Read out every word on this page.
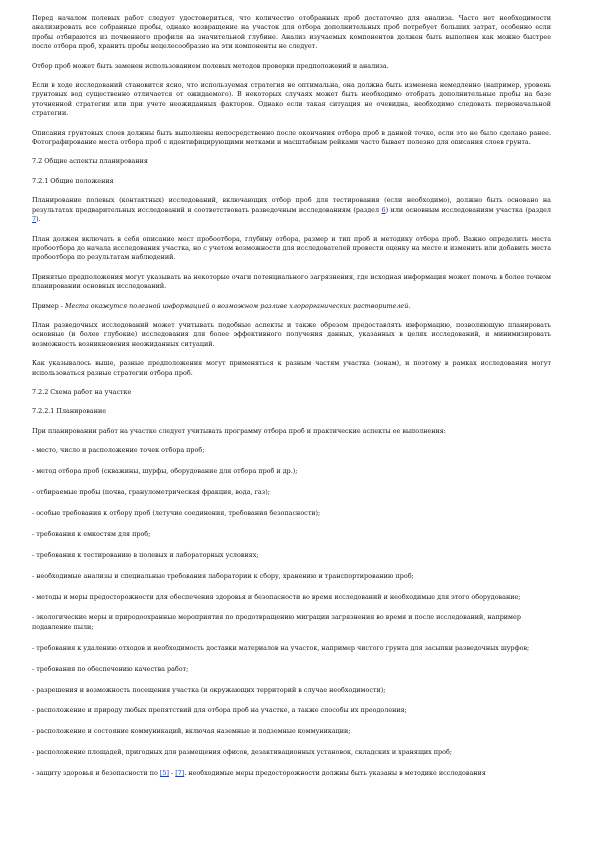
Перед началом полевых работ следует удостовериться, что количество отобранных проб достаточно для анализа. Часто нет необходимости анализировать все собранные пробы, однако возвращение на участок для отбора дополнительных проб потребует больших затрат, особенно если пробы отбираются из почвенного профиля на значительной глубине. Анализ изучаемых компонентов должен быть выполнен как можно быстрее после отбора проб, хранить пробы нецелесообразно на эти компоненты не следует.

Отбор проб может быть заменен использованием полевых методов проверки предположений и анализа.

Если в ходе исследований становится ясно, что используемая стратегия не оптимальна, она должна быть изменена немедленно (например, уровень грунтовых вод существенно отличается от ожидаемого). В некоторых случаях может быть необходимо отобрать дополнительные пробы на базе уточненной стратегии или при учете неожиданных факторов. Однако если такая ситуация не очевидна, необходимо следовать первоначальной стратегии.

Описания грунтовых слоев должны быть выполнены непосредственно после окончания отбора проб в данной точке, если это не было сделано ранее. Фотографирование места отбора проб с идентифицирующими метками и масштабным рейками часто бывает полезно для описания слоев грунта.

7.2 Общие аспекты планирования
7.2.1 Общие положения

Планирование полевых (контактных) исследований, включающих отбор проб для тестирования (если необходимо), должно быть основано на результатах предварительных исследований и соответствовать разведочным исследованиям (раздел 6) или основным исследованиям участка (раздел 7).

План должен включать в себя описание мест пробоотбора, глубину отбора, размер и тип проб и методику отбора проб. Важно определить места пробоотбора до начала исследования участка, но с учетом возможности для исследователей провести оценку на месте и изменить или добавить места пробоотбора по результатам наблюдений.

Принятые предположения могут указывать на некоторые очаги потенциального загрязнения, где исходная информация может помочь в более точном планировании основных исследований.

Пример - Места окажутся полезной информацией о возможном разливе хлорорганических растворителей.

План разведочных исследований может учитывать подобные аспекты и также обрезом предоставлять информацию, позволяющую планировать основные (и более глубокие) исследования для более эффективного получения данных, указанных в целях исследований, и минимизировать возможность возникновения неожиданных ситуаций.

Как указывалось выше, разные предположения могут применяться к разным частям участка (зонам), и поэтому в рамках исследования могут использоваться разные стратегии отбора проб.

7.2.2 Схема работ на участке
7.2.2.1 Планирование

При планировании работ на участке следует учитывать программу отбора проб и практические аспекты ее выполнения:

- место, число и расположение точек отбора проб;
- метод отбора проб (скважины, шурфы, оборудование для отбора проб и др.);
- отбираемые пробы (почва, гранулометрическая фракция, вода, газ);
- особые требования к отбору проб (летучие соединения, требования безопасности);
- требования к емкостям для проб;
- требования к тестированию в полевых и лабораторных условиях;
- необходимые анализы и специальные требования лаборатории к сбору, хранению и транспортированию проб;
- методы и меры предосторожности для обеспечения здоровья и безопасности во время исследований и необходимые для этого оборудование;
- экологические меры и природоохранные мероприятия по предотвращению миграции загрязнения во время и после исследований, например подавление пыли;
- требования к удалению отходов и необходимость доставки материалов на участок, например чистого грунта для засыпки разведочных шурфов;
- требования по обеспечению качества работ;
- разрешения и возможность посещения участка (и окружающих территорий в случае необходимости);
- расположение и природу любых препятствий для отбора проб на участке, а также способы их преодоления;
- расположение и состояние коммуникаций, включая наземные и подземные коммуникации;
- расположение площадей, пригодных для размещения офисов, дезактивационных установок, складских и хранящих проб;
- защиту здоровья и безопасности по [5] - [7]. необходимые меры предосторожности должны быть указаны в методике исследования
